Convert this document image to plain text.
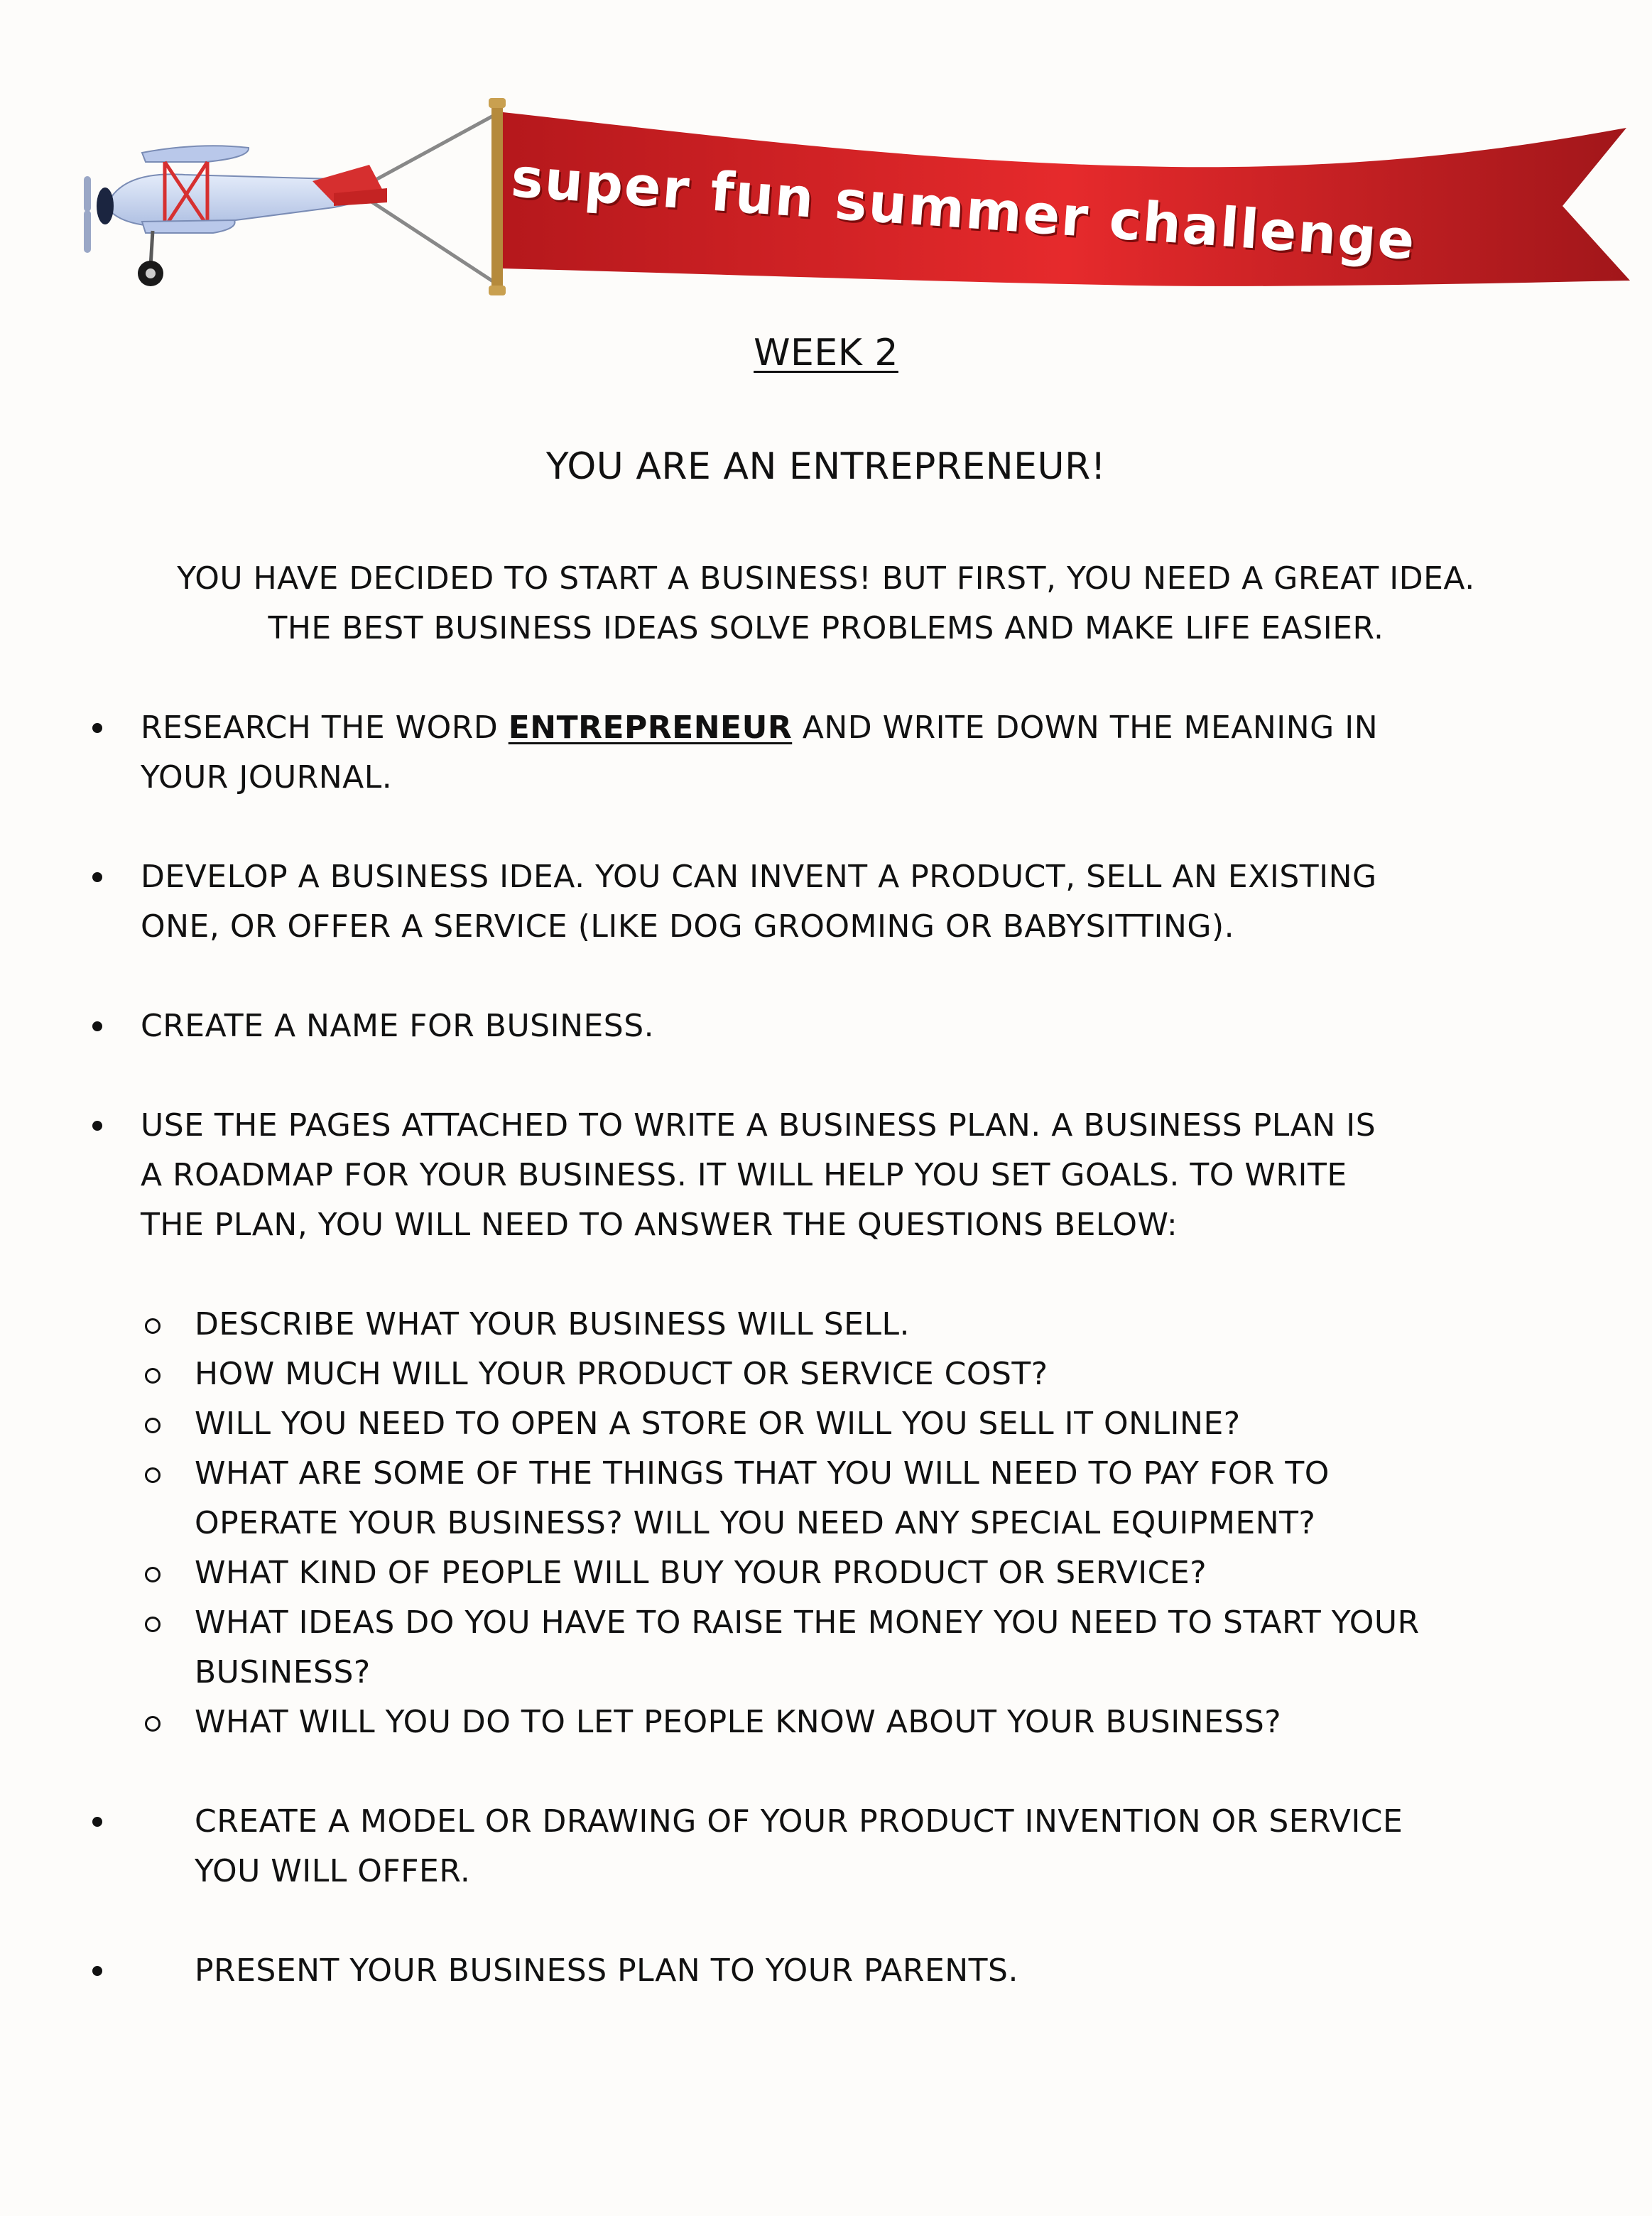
super fun summer challenge
WEEK 2
YOU ARE AN ENTREPRENEUR!
YOU HAVE DECIDED TO START A BUSINESS! BUT FIRST, YOU NEED A GREAT IDEA.
THE BEST BUSINESS IDEAS SOLVE PROBLEMS AND MAKE LIFE EASIER.
RESEARCH THE WORD ENTREPRENEUR AND WRITE DOWN THE MEANING IN
YOUR JOURNAL.
DEVELOP A BUSINESS IDEA. YOU CAN INVENT A PRODUCT, SELL AN EXISTING
ONE, OR OFFER A SERVICE (LIKE DOG GROOMING OR BABYSITTING).
CREATE A NAME FOR BUSINESS.
USE THE PAGES ATTACHED TO WRITE A BUSINESS PLAN. A BUSINESS PLAN IS
A ROADMAP FOR YOUR BUSINESS. IT WILL HELP YOU SET GOALS. TO WRITE
THE PLAN, YOU WILL NEED TO ANSWER THE QUESTIONS BELOW:
DESCRIBE WHAT YOUR BUSINESS WILL SELL.
HOW MUCH WILL YOUR PRODUCT OR SERVICE COST?
WILL YOU NEED TO OPEN A STORE OR WILL YOU SELL IT ONLINE?
WHAT ARE SOME OF THE THINGS THAT YOU WILL NEED TO PAY FOR TO
OPERATE YOUR BUSINESS? WILL YOU NEED ANY SPECIAL EQUIPMENT?
WHAT KIND OF PEOPLE WILL BUY YOUR PRODUCT OR SERVICE?
WHAT IDEAS DO YOU HAVE TO RAISE THE MONEY YOU NEED TO START YOUR
BUSINESS?
WHAT WILL YOU DO TO LET PEOPLE KNOW ABOUT YOUR BUSINESS?
CREATE A MODEL OR DRAWING OF YOUR PRODUCT INVENTION OR SERVICE
YOU WILL OFFER.
PRESENT YOUR BUSINESS PLAN TO YOUR PARENTS.
